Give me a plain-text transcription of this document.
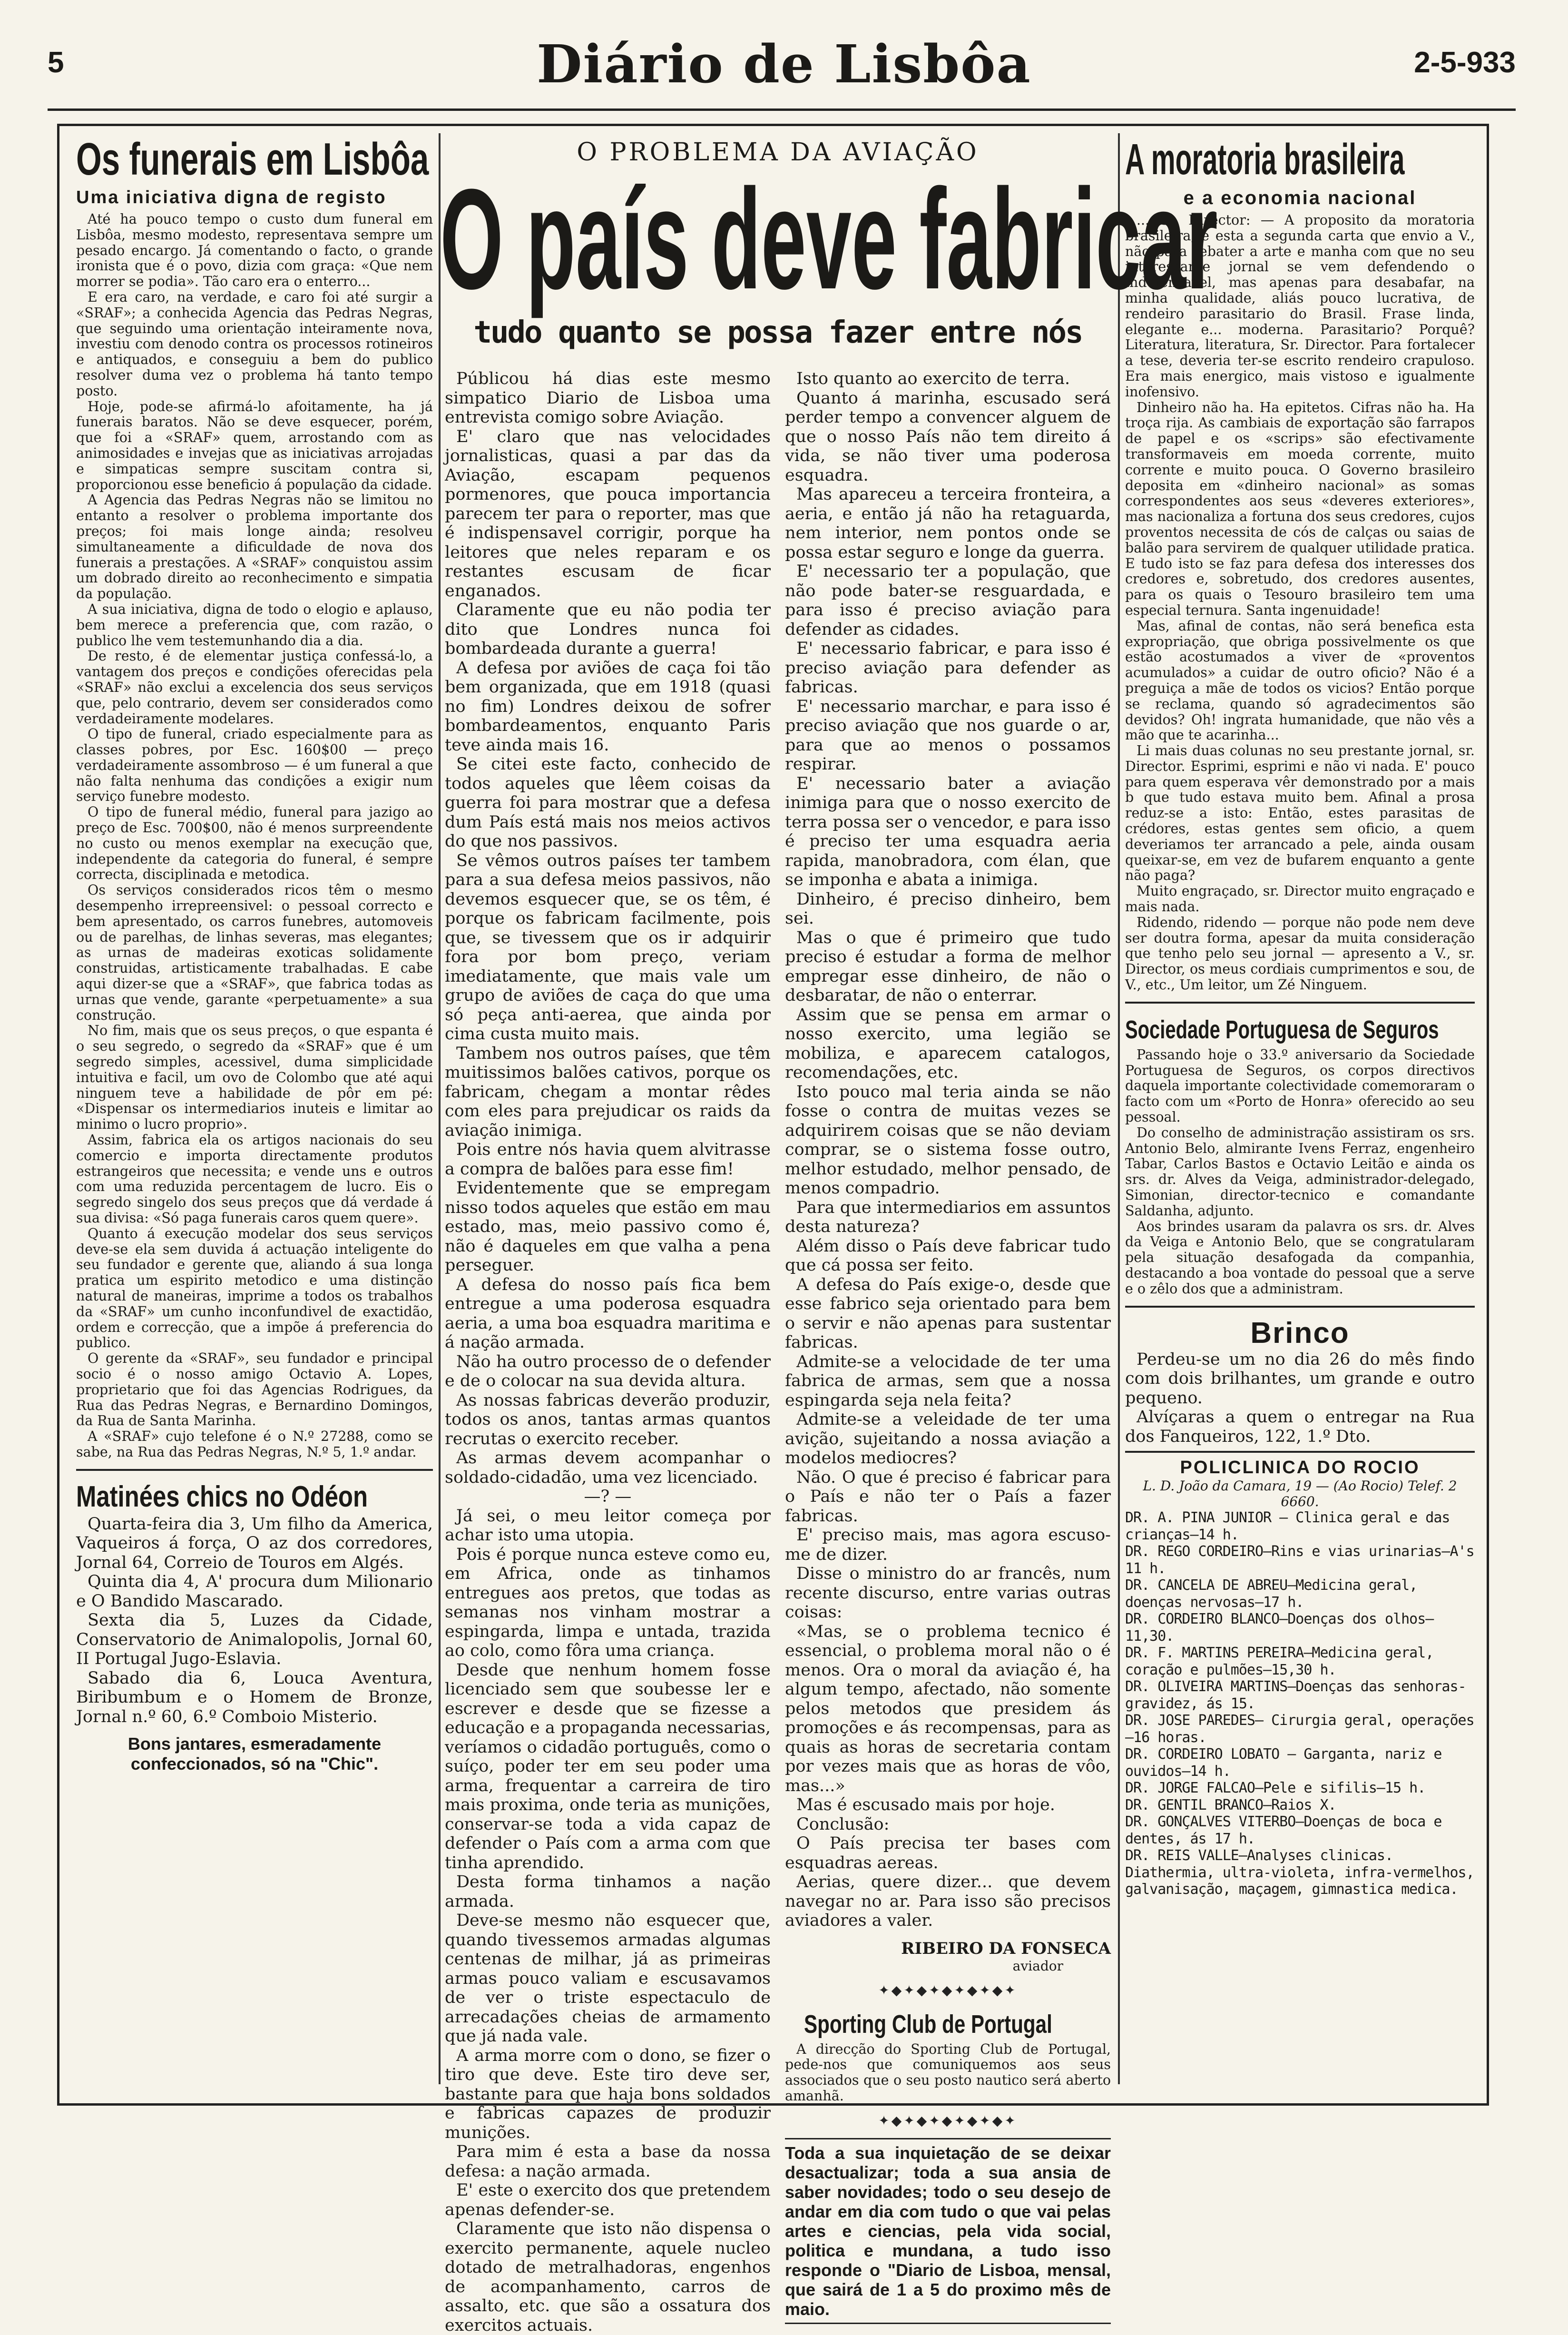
5	Diário de Lisbôa	2-5-933
Os funerais em Lisbôa
Uma iniciativa digna de registo

Até ha pouco tempo o custo dum funeral em Lisbôa, mesmo modesto, representava sempre um pesado encargo. Já comentando o facto, o grande ironista que é o povo, dizia com graça: «Que nem morrer se podia». Tão caro era o enterro...

E era caro, na verdade, e caro foi até surgir a «SRAF»; a conhecida Agencia das Pedras Negras, que seguindo uma orientação inteiramente nova, investiu com denodo contra os processos rotineiros e antiquados, e conseguiu a bem do publico resolver duma vez o problema há tanto tempo posto.

Hoje, pode-se afirmá-lo afoitamente, ha já funerais baratos. Não se deve esquecer, porém, que foi a «SRAF» quem, arrostando com as animosidades e invejas que as iniciativas arrojadas e simpaticas sempre suscitam contra si, proporcionou esse beneficio á população da cidade.

A Agencia das Pedras Negras não se limitou no entanto a resolver o problema importante dos preços; foi mais longe ainda; resolveu simultaneamente a dificuldade de nova dos funerais a prestações. A «SRAF» conquistou assim um dobrado direito ao reconhecimento e simpatia da população.

A sua iniciativa, digna de todo o elogio e aplauso, bem merece a preferencia que, com razão, o publico lhe vem testemunhando dia a dia.

De resto, é de elementar justiça confessá-lo, a vantagem dos preços e condições oferecidas pela «SRAF» não exclui a excelencia dos seus serviços que, pelo contrario, devem ser considerados como verdadeiramente modelares.

O tipo de funeral, criado especialmente para as classes pobres, por Esc. 160$00 — preço verdadeiramente assombroso — é um funeral a que não falta nenhuma das condições a exigir num serviço funebre modesto.

O tipo de funeral médio, funeral para jazigo ao preço de Esc. 700$00, não é menos surpreendente no custo ou menos exemplar na execução que, independente da categoria do funeral, é sempre correcta, disciplinada e metodica.

Os serviços considerados ricos têm o mesmo desempenho irrepreensivel: o pessoal correcto e bem apresentado, os carros funebres, automoveis ou de parelhas, de linhas severas, mas elegantes; as urnas de madeiras exoticas solidamente construidas, artisticamente trabalhadas. E cabe aqui dizer-se que a «SRAF», que fabrica todas as urnas que vende, garante «perpetuamente» a sua construção.

No fim, mais que os seus preços, o que espanta é o seu segredo, o segredo da «SRAF» que é um segredo simples, acessivel, duma simplicidade intuitiva e facil, um ovo de Colombo que até aqui ninguem teve a habilidade de pôr em pé: «Dispensar os intermediarios inuteis e limitar ao minimo o lucro proprio».

Assim, fabrica ela os artigos nacionais do seu comercio e importa directamente produtos estrangeiros que necessita; e vende uns e outros com uma reduzida percentagem de lucro. Eis o segredo singelo dos seus preços que dá verdade á sua divisa: «Só paga funerais caros quem quere».

Quanto á execução modelar dos seus serviços deve-se ela sem duvida á actuação inteligente do seu fundador e gerente que, aliando á sua longa pratica um espirito metodico e uma distinção natural de maneiras, imprime a todos os trabalhos da «SRAF» um cunho inconfundivel de exactidão, ordem e correcção, que a impõe á preferencia do publico.

O gerente da «SRAF», seu fundador e principal socio é o nosso amigo Octavio A. Lopes, proprietario que foi das Agencias Rodrigues, da Rua das Pedras Negras, e Bernardino Domingos, da Rua de Santa Marinha.

A «SRAF» cujo telefone é o N.º 27288, como se sabe, na Rua das Pedras Negras, N.º 5, 1.º andar.

Matinées chics no Odéon

Quarta-feira dia 3, Um filho da America, Vaqueiros á força, O az dos corredores, Jornal 64, Correio de Touros em Algés.

Quinta dia 4, A' procura dum Milionario e O Bandido Mascarado.

Sexta dia 5, Luzes da Cidade, Conservatorio de Animalopolis, Jornal 60, II Portugal Jugo-Eslavia.

Sabado dia 6, Louca Aventura, Biribumbum e o Homem de Bronze, Jornal n.º 60, 6.º Comboio Misterio.

Bons jantares, esmeradamente confeccionados, só na "Chic".
O PROBLEMA DA AVIAÇÃO
O país deve fabricar
tudo quanto se possa fazer entre nós

Públicou há dias este mesmo simpatico Diario de Lisboa uma entrevista comigo sobre Aviação.

E' claro que nas velocidades jornalisticas, quasi a par das da Aviação, escapam pequenos pormenores, que pouca importancia parecem ter para o reporter, mas que é indispensavel corrigir, porque ha leitores que neles reparam e os restantes escusam de ficar enganados.

Claramente que eu não podia ter dito que Londres nunca foi bombardeada durante a guerra!

A defesa por aviões de caça foi tão bem organizada, que em 1918 (quasi no fim) Londres deixou de sofrer bombardeamentos, enquanto Paris teve ainda mais 16.

Se citei este facto, conhecido de todos aqueles que lêem coisas da guerra foi para mostrar que a defesa dum País está mais nos meios activos do que nos passivos.

Se vêmos outros países ter tambem para a sua defesa meios passivos, não devemos esquecer que, se os têm, é porque os fabricam facilmente, pois que, se tivessem que os ir adquirir fora por bom preço, veriam imediatamente, que mais vale um grupo de aviões de caça do que uma só peça anti-aerea, que ainda por cima custa muito mais.

Tambem nos outros países, que têm muitissimos balões cativos, porque os fabricam, chegam a montar rêdes com eles para prejudicar os raids da aviação inimiga.

Pois entre nós havia quem alvitrasse a compra de balões para esse fim!

Evidentemente que se empregam nisso todos aqueles que estão em mau estado, mas, meio passivo como é, não é daqueles em que valha a pena perseguer.

A defesa do nosso país fica bem entregue a uma poderosa esquadra aeria, a uma boa esquadra maritima e á nação armada.

Não ha outro processo de o defender e de o colocar na sua devida altura.

As nossas fabricas deverão produzir, todos os anos, tantas armas quantos recrutas o exercito receber.

As armas devem acompanhar o soldado-cidadão, uma vez licenciado.

—? —

Já sei, o meu leitor começa por achar isto uma utopia.

Pois é porque nunca esteve como eu, em Africa, onde as tinhamos entregues aos pretos, que todas as semanas nos vinham mostrar a espingarda, limpa e untada, trazida ao colo, como fôra uma criança.

Desde que nenhum homem fosse licenciado sem que soubesse ler e escrever e desde que se fizesse a educação e a propaganda necessarias, veríamos o cidadão português, como o suíço, poder ter em seu poder uma arma, frequentar a carreira de tiro mais proxima, onde teria as munições, conservar-se toda a vida capaz de defender o País com a arma com que tinha aprendido.

Desta forma tinhamos a nação armada.

Deve-se mesmo não esquecer que, quando tivessemos armadas algumas centenas de milhar, já as primeiras armas pouco valiam e escusavamos de ver o triste espectaculo de arrecadações cheias de armamento que já nada vale.

A arma morre com o dono, se fizer o tiro que deve. Este tiro deve ser, bastante para que haja bons soldados e fabricas capazes de produzir munições.

Para mim é esta a base da nossa defesa: a nação armada.

E' este o exercito dos que pretendem apenas defender-se.

Claramente que isto não dispensa o exercito permanente, aquele nucleo dotado de metralhadoras, engenhos de acompanhamento, carros de assalto, etc. que são a ossatura dos exercitos actuais.

Isto quanto ao exercito de terra.

Quanto á marinha, escusado será perder tempo a convencer alguem de que o nosso País não tem direito á vida, se não tiver uma poderosa esquadra.

Mas apareceu a terceira fronteira, a aeria, e então já não ha retaguarda, nem interior, nem pontos onde se possa estar seguro e longe da guerra.

E' necessario ter a população, que não pode bater-se resguardada, e para isso é preciso aviação para defender as cidades.

E' necessario fabricar, e para isso é preciso aviação para defender as fabricas.

E' necessario marchar, e para isso é preciso aviação que nos guarde o ar, para que ao menos o possamos respirar.

E' necessario bater a aviação inimiga para que o nosso exercito de terra possa ser o vencedor, e para isso é preciso ter uma esquadra aeria rapida, manobradora, com élan, que se imponha e abata a inimiga.

Dinheiro, é preciso dinheiro, bem sei.

Mas o que é primeiro que tudo preciso é estudar a forma de melhor empregar esse dinheiro, de não o desbaratar, de não o enterrar.

Assim que se pensa em armar o nosso exercito, uma legião se mobiliza, e aparecem catalogos, recomendações, etc.

Isto pouco mal teria ainda se não fosse o contra de muitas vezes se adquirirem coisas que se não deviam comprar, se o sistema fosse outro, melhor estudado, melhor pensado, de menos compadrio.

Para que intermediarios em assuntos desta natureza?

Além disso o País deve fabricar tudo que cá possa ser feito.

A defesa do País exige-o, desde que esse fabrico seja orientado para bem o servir e não apenas para sustentar fabricas.

Admite-se a velocidade de ter uma fabrica de armas, sem que a nossa espingarda seja nela feita?

Admite-se a veleidade de ter uma avição, sujeitando a nossa aviação a modelos mediocres?

Não. O que é preciso é fabricar para o País e não ter o País a fazer fabricas.

E' preciso mais, mas agora escuso-me de dizer.

Disse o ministro do ar francês, num recente discurso, entre varias outras coisas:

«Mas, se o problema tecnico é essencial, o problema moral não o é menos. Ora o moral da aviação é, ha algum tempo, afectado, não somente pelos metodos que presidem ás promoções e ás recompensas, para as quais as horas de secretaria contam por vezes mais que as horas de vôo, mas...»

Mas é escusado mais por hoje.

Conclusão:

O País precisa ter bases com esquadras aereas.

Aerias, quere dizer... que devem navegar no ar. Para isso são precisos aviadores a valer.

RIBEIRO DA FONSECA
aviador
✦◆✦◆✦◆✦◆✦◆✦
Sporting Club de Portugal

A direcção do Sporting Club de Portugal, pede-nos que comuniquemos aos seus associados que o seu posto nautico será aberto amanhã.

✦◆✦◆✦◆✦◆✦◆✦
Toda a sua inquietação de se deixar desactualizar; toda a sua ansia de saber novidades; todo o seu desejo de andar em dia com tudo o que vai pelas artes e ciencias, pela vida social, politica e mundana, a tudo isso responde o "Diario de Lisboa, mensal, que sairá de 1 a 5 do proximo mês de maio.
A moratoria brasileira
e a economia nacional

... Sr. Director: — A proposito da moratoria brasileira, é esta a segunda carta que envio a V., não para rebater a arte e manha com que no seu interessante jornal se vem defendendo o indefensavel, mas apenas para desabafar, na minha qualidade, aliás pouco lucrativa, de rendeiro parasitario do Brasil. Frase linda, elegante e... moderna. Parasitario? Porquê? Literatura, literatura, Sr. Director. Para fortalecer a tese, deveria ter-se escrito rendeiro crapuloso. Era mais energico, mais vistoso e igualmente inofensivo.

Dinheiro não ha. Ha epitetos. Cifras não ha. Ha troça rija. As cambiais de exportação são farrapos de papel e os «scrips» são efectivamente transformaveis em moeda corrente, muito corrente e muito pouca. O Governo brasileiro deposita em «dinheiro nacional» as somas correspondentes aos seus «deveres exteriores», mas nacionaliza a fortuna dos seus credores, cujos proventos necessita de cós de calças ou saias de balão para servirem de qualquer utilidade pratica. E tudo isto se faz para defesa dos interesses dos credores e, sobretudo, dos credores ausentes, para os quais o Tesouro brasileiro tem uma especial ternura. Santa ingenuidade!

Mas, afinal de contas, não será benefica esta expropriação, que obriga possivelmente os que estão acostumados a viver de «proventos acumulados» a cuidar de outro oficio? Não é a preguiça a mãe de todos os vicios? Então porque se reclama, quando só agradecimentos são devidos? Oh! ingrata humanidade, que não vês a mão que te acarinha...

Li mais duas colunas no seu prestante jornal, sr. Director. Esprimi, esprimi e não vi nada. E' pouco para quem esperava vêr demonstrado por a mais b que tudo estava muito bem. Afinal a prosa reduz-se a isto: Então, estes parasitas de crédores, estas gentes sem oficio, a quem deveriamos ter arrancado a pele, ainda ousam queixar-se, em vez de bufarem enquanto a gente não paga?

Muito engraçado, sr. Director muito engraçado e mais nada.

Ridendo, ridendo — porque não pode nem deve ser doutra forma, apesar da muita consideração que tenho pelo seu jornal — apresento a V., sr. Director, os meus cordiais cumprimentos e sou, de V., etc., Um leitor, um Zé Ninguem.

Sociedade Portuguesa de Seguros

Passando hoje o 33.º aniversario da Sociedade Portuguesa de Seguros, os corpos directivos daquela importante colectividade comemoraram o facto com um «Porto de Honra» oferecido ao seu pessoal.

Do conselho de administração assistiram os srs. Antonio Belo, almirante Ivens Ferraz, engenheiro Tabar, Carlos Bastos e Octavio Leitão e ainda os srs. dr. Alves da Veiga, administrador-delegado, Simonian, director-tecnico e comandante Saldanha, adjunto.

Aos brindes usaram da palavra os srs. dr. Alves da Veiga e Antonio Belo, que se congratularam pela situação desafogada da companhia, destacando a boa vontade do pessoal que a serve e o zêlo dos que a administram.

Brinco

Perdeu-se um no dia 26 do mês findo com dois brilhantes, um grande e outro pequeno.

Alvíçaras a quem o entregar na Rua dos Fanqueiros, 122, 1.º Dto.

POLICLINICA DO ROCIO
L. D. João da Camara, 19 — (Ao Rocio) Telef. 2 6660.
DR. A. PINA JUNIOR — Clinica geral e das crianças—14 h.
DR. REGO CORDEIRO—Rins e vias urinarias—A's 11 h.
DR. CANCELA DE ABREU—Medicina geral, doenças nervosas—17 h.
DR. CORDEIRO BLANCO—Doenças dos olhos—11,30.
DR. F. MARTINS PEREIRA—Medicina geral, coração e pulmões—15,30 h.
DR. OLIVEIRA MARTINS—Doenças das senhoras-gravidez, ás 15.
DR. JOSE PAREDES— Cirurgia geral, operações—16 horas.
DR. CORDEIRO LOBATO — Garganta, nariz e ouvidos—14 h.
DR. JORGE FALCAO—Pele e sifilis—15 h.
DR. GENTIL BRANCO—Raios X.
DR. GONÇALVES VITERBO—Doenças de boca e dentes, ás 17 h.
DR. REIS VALLE—Analyses clinicas.
Diathermia, ultra-violeta, infra-vermelhos, galvanisação, maçagem, gimnastica medica.
